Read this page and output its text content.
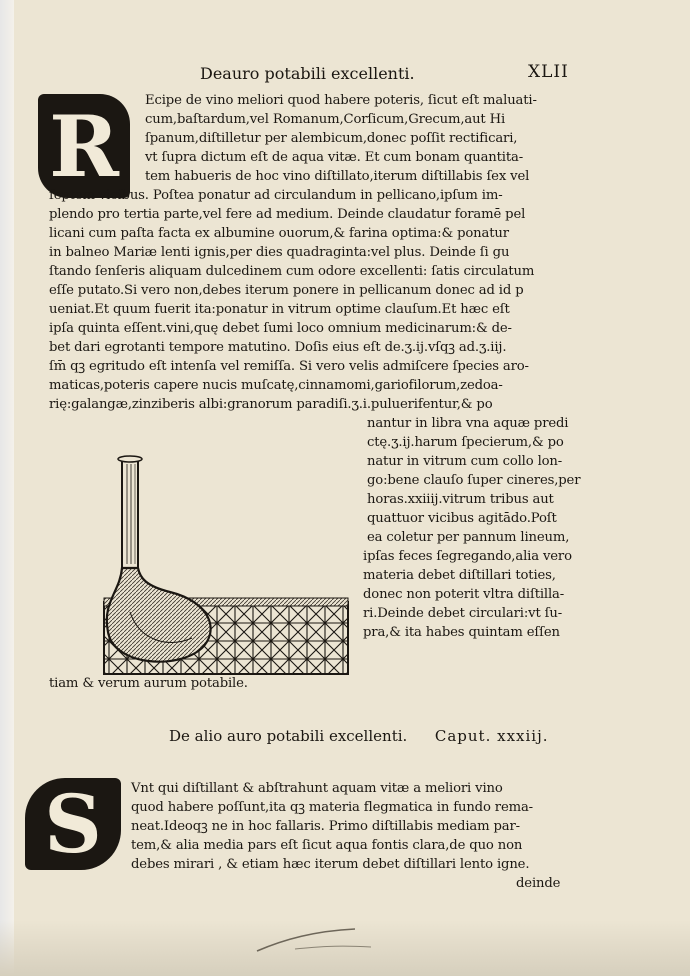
Deauro potabili excellenti.	XLII
R Ecipe de vino meliori quod habere poteris, ſicut eſt maluati-
cum,baſtardum,vel Romanum,Corſicum,Grecum,aut Hi
ſpanum,diſtilletur per alembicum,donec poſſit rectificari,
vt ſupra dictum eſt de aqua vitæ. Et cum bonam quantita-
tem habueris de hoc vino diſtillato,iterum diſtillabis ſex vel
ſeptem vicibus. Poſtea ponatur ad circulandum in pellicano,ipſum im-
plendo pro tertia parte,vel fere ad medium. Deinde claudatur foramē pel
licani cum paſta facta ex albumine ouorum,& farina optima:& ponatur
in balneo Mariæ lenti ignis,per dies quadraginta:vel plus. Deinde ſi gu
ſtando ſenſeris aliquam dulcedinem cum odore excellenti: ſatis circulatum
eſſe putato.Si vero non,debes iterum ponere in pellicanum donec ad id p
ueniat.Et quum fuerit ita:ponatur in vitrum optime clauſum.Et hæc eſt
ipſa quinta eſſent.vini,quę debet ſumi loco omnium medicinarum:& de-
bet dari egrotanti tempore matutino. Doſis eius eſt de.ʒ.ij.vſqꝫ ad.ʒ.iij.
ſm̄ qꝫ egritudo eſt intenſa vel remiſſa. Si vero velis admiſcere ſpecies aro-
maticas,poteris capere nucis muſcatę,cinnamomi,gariofilorum,zedoa-
rię:galangæ,zinziberis albi:granorum paradiſi.ʒ.i.puluerifentur,& po
nantur in libra vna aquæ predi
ctę.ʒ.ij.harum ſpecierum,& po
natur in vitrum cum collo lon-
go:bene clauſo ſuper cineres,per
horas.xxiiij.vitrum tribus aut
quattuor vicibus agitādo.Poſt
ea coletur per pannum lineum,
ipſas feces ſegregando,alia vero
materia debet diſtillari toties,
donec non poterit vltra diſtilla-
ri.Deinde debet circulari:vt ſu-
pra,& ita habes quintam eſſen
tiam & verum aurum potabile.
De alio auro potabili excellenti. Caput. xxxiij.
S Vnt qui diſtillant & abſtrahunt aquam vitæ a meliori vino
quod habere poſſunt,ita qꝫ materia flegmatica in fundo rema-
neat.Ideoqꝫ ne in hoc fallaris. Primo diſtillabis mediam par-
tem,& alia media pars eſt ſicut aqua fontis clara,de quo non
debes mirari , & etiam hæc iterum debet diſtillari lento igne.
deinde
